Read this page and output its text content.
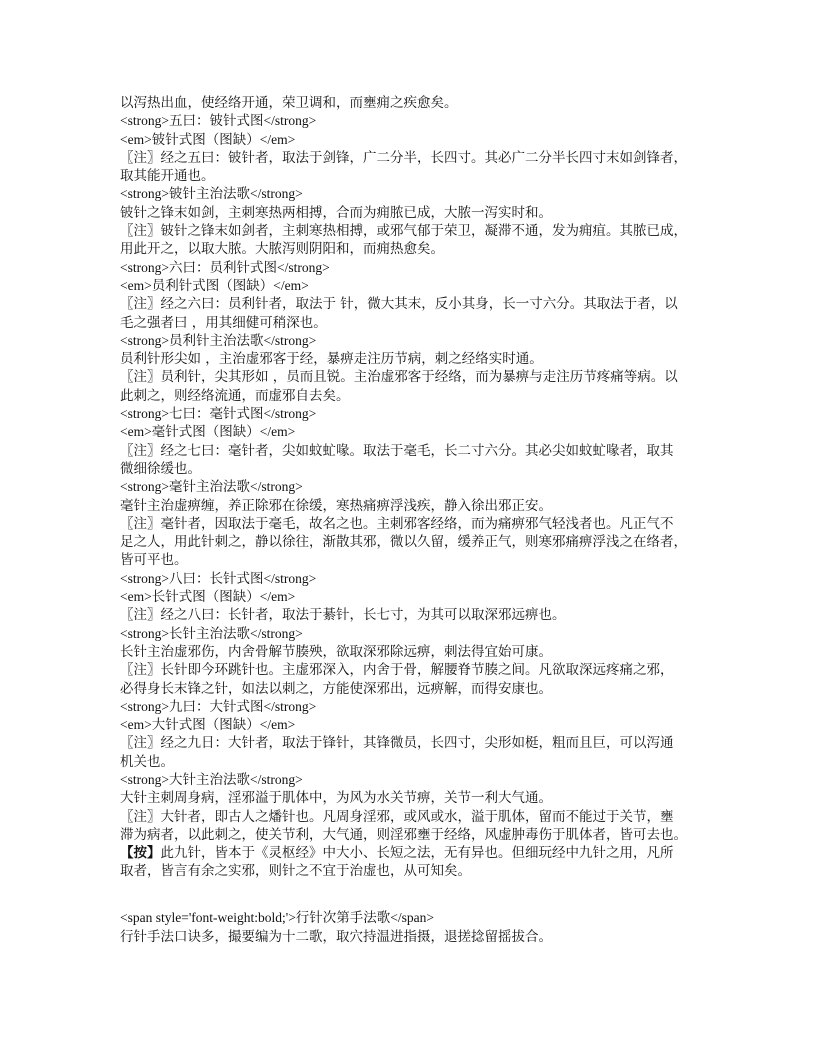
以泻热出血，使经络开通，荣卫调和，而壅痈之疾愈矣。
<strong>五曰：铍针式图</strong>
<em>铍针式图（图缺）</em>
〖注〗经之五曰：铍针者，取法于剑锋，广二分半，长四寸。其必广二分半长四寸末如剑锋者，
取其能开通也。
<strong>铍针主治法歌</strong>
铍针之锋末如剑，主刺寒热两相搏，合而为痈脓已成，大脓一泻实时和。
〖注〗铍针之锋末如剑者，主刺寒热相搏，或邪气郁于荣卫，凝滞不通，发为痈疽。其脓已成，
用此开之，以取大脓。大脓泻则阴阳和，而痈热愈矣。
<strong>六曰：员利针式图</strong>
<em>员利针式图（图缺）</em>
〖注〗经之六曰：员利针者，取法于 针，微大其末，反小其身，长一寸六分。其取法于者，以
毛之强者曰 ，用其细健可稍深也。
<strong>员利针主治法歌</strong>
员利针形尖如 ，主治虚邪客于经，暴痹走注历节病，刺之经络实时通。
〖注〗员利针，尖其形如 ，员而且锐。主治虚邪客于经络，而为暴痹与走注历节疼痛等病。以
此刺之，则经络流通，而虚邪自去矣。
<strong>七曰：毫针式图</strong>
<em>毫针式图（图缺）</em>
〖注〗经之七曰：毫针者，尖如蚊虻喙。取法于毫毛，长二寸六分。其必尖如蚊虻喙者，取其
微细徐缓也。
<strong>毫针主治法歌</strong>
毫针主治虚痹缠，养正除邪在徐缓，寒热痛痹浮浅疾，静入徐出邪正安。
〖注〗毫针者，因取法于毫毛，故名之也。主刺邪客经络，而为痛痹邪气轻浅者也。凡正气不
足之人，用此针刺之，静以徐往，渐散其邪，微以久留，缓养正气，则寒邪痛痹浮浅之在络者，
皆可平也。
<strong>八曰：长针式图</strong>
<em>长针式图（图缺）</em>
〖注〗经之八曰：长针者，取法于綦针，长七寸，为其可以取深邪远痹也。
<strong>长针主治法歌</strong>
长针主治虚邪伤，内舍骨解节腠殃，欲取深邪除远痹，刺法得宜始可康。
〖注〗长针即今环跳针也。主虚邪深入，内舍于骨，解腰脊节腠之间。凡欲取深远疼痛之邪，
必得身长末锋之针，如法以刺之，方能使深邪出，远痹解，而得安康也。
<strong>九曰：大针式图</strong>
<em>大针式图（图缺）</em>
〖注〗经之九日：大针者，取法于锋针，其锋微员，长四寸，尖形如梃，粗而且巨，可以泻通
机关也。
<strong>大针主治法歌</strong>
大针主刺周身病，淫邪溢于肌体中，为风为水关节痹，关节一利大气通。
〖注〗大针者，即古人之燔针也。凡周身淫邪，或风或水，溢于肌体，留而不能过于关节，壅
滞为病者，以此刺之，使关节利，大气通，则淫邪壅于经络，风虚肿毒伤于肌体者，皆可去也。
【按】此九针，皆本于《灵枢经》中大小、长短之法，无有异也。但细玩经中九针之用，凡所
取者，皆言有余之实邪，则针之不宜于治虚也，从可知矣。
<span style='font-weight:bold;'>行针次第手法歌</span>
行针手法口诀多，撮要编为十二歌，取穴持温进指摄，退搓捻留摇拔合。
